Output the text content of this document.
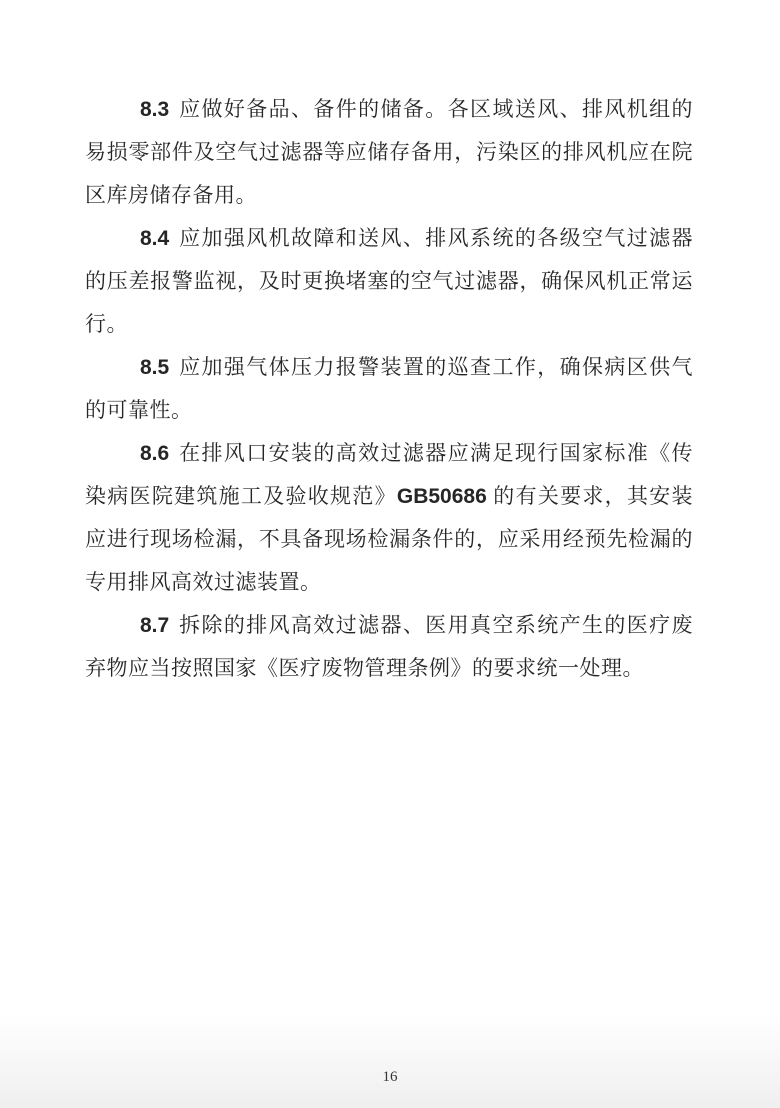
8.3 应做好备品、备件的储备。各区域送风、排风机组的易损零部件及空气过滤器等应储存备用，污染区的排风机应在院区库房储存备用。

8.4 应加强风机故障和送风、排风系统的各级空气过滤器的压差报警监视，及时更换堵塞的空气过滤器，确保风机正常运行。

8.5 应加强气体压力报警装置的巡查工作，确保病区供气的可靠性。

8.6 在排风口安装的高效过滤器应满足现行国家标准《传染病医院建筑施工及验收规范》GB50686 的有关要求，其安装应进行现场检漏，不具备现场检漏条件的，应采用经预先检漏的专用排风高效过滤装置。

8.7 拆除的排风高效过滤器、医用真空系统产生的医疗废弃物应当按照国家《医疗废物管理条例》的要求统一处理。

16
